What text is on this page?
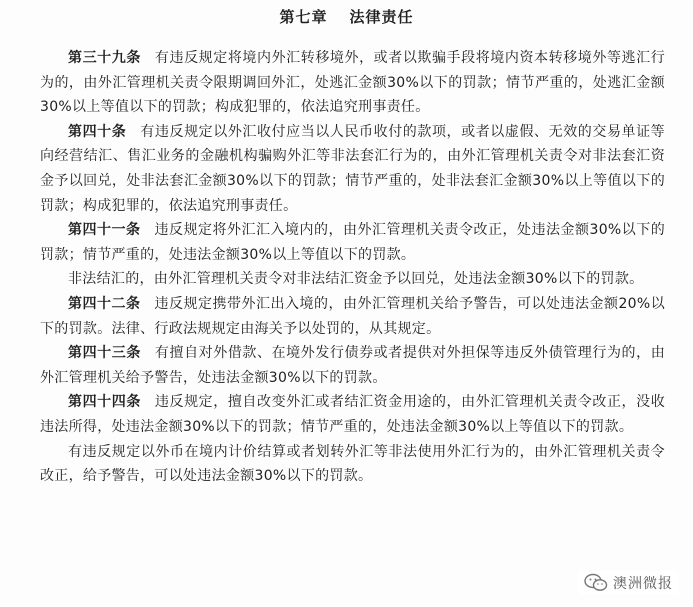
第七章 法律责任

第三十九条 有违反规定将境内外汇转移境外，或者以欺骗手段将境内资本转移境外等逃汇行为的，由外汇管理机关责令限期调回外汇，处逃汇金额30%以下的罚款；情节严重的，处逃汇金额30%以上等值以下的罚款；构成犯罪的，依法追究刑事责任。

第四十条 有违反规定以外汇收付应当以人民币收付的款项，或者以虚假、无效的交易单证等向经营结汇、售汇业务的金融机构骗购外汇等非法套汇行为的，由外汇管理机关责令对非法套汇资金予以回兑，处非法套汇金额30%以下的罚款；情节严重的，处非法套汇金额30%以上等值以下的罚款；构成犯罪的，依法追究刑事责任。

第四十一条 违反规定将外汇汇入境内的，由外汇管理机关责令改正，处违法金额30%以下的罚款；情节严重的，处违法金额30%以上等值以下的罚款。

非法结汇的，由外汇管理机关责令对非法结汇资金予以回兑，处违法金额30%以下的罚款。

第四十二条 违反规定携带外汇出入境的，由外汇管理机关给予警告，可以处违法金额20%以下的罚款。法律、行政法规规定由海关予以处罚的，从其规定。

第四十三条 有擅自对外借款、在境外发行债券或者提供对外担保等违反外债管理行为的，由外汇管理机关给予警告，处违法金额30%以下的罚款。

第四十四条 违反规定，擅自改变外汇或者结汇资金用途的，由外汇管理机关责令改正，没收违法所得，处违法金额30%以下的罚款；情节严重的，处违法金额30%以上等值以下的罚款。

有违反规定以外币在境内计价结算或者划转外汇等非法使用外汇行为的，由外汇管理机关责令改正，给予警告，可以处违法金额30%以下的罚款。

澳洲微报
